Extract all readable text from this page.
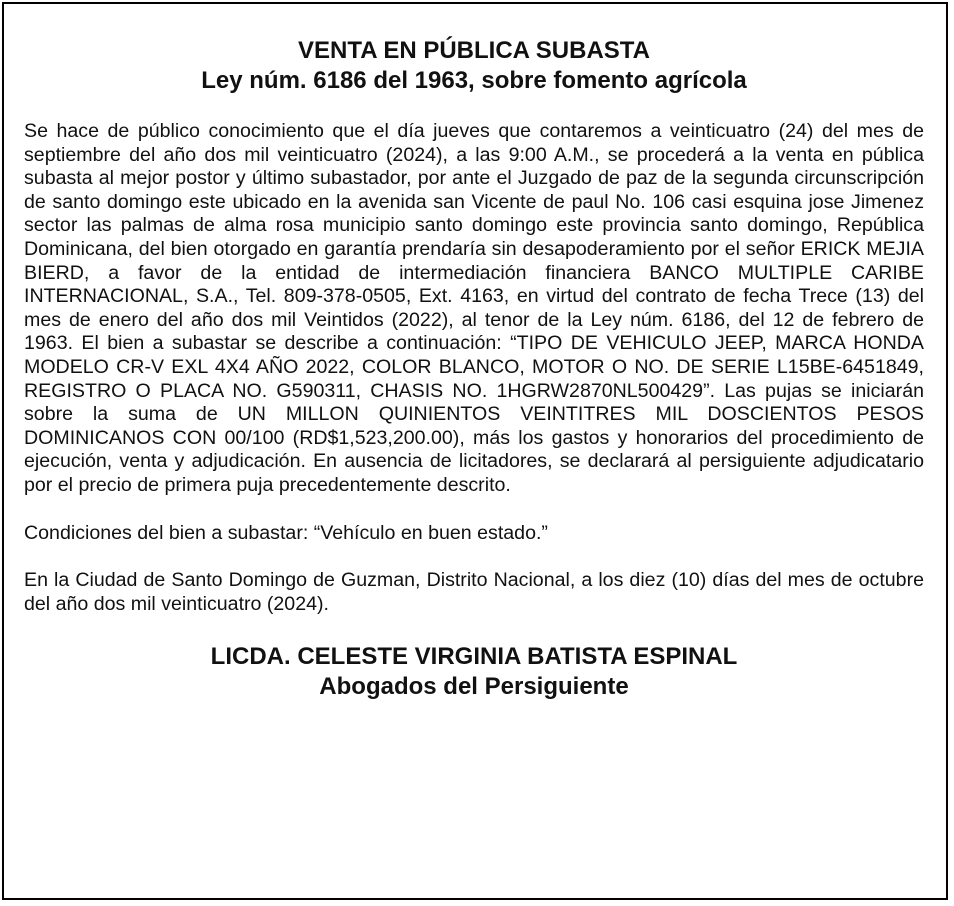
VENTA EN PÚBLICA SUBASTA
Ley núm. 6186 del 1963, sobre fomento agrícola

Se hace de público conocimiento que el día jueves que contaremos a veinticuatro (24) del mes de septiembre del año dos mil veinticuatro (2024), a las 9:00 A.M., se procederá a la venta en pública subasta al mejor postor y último subastador, por ante el Juzgado de paz de la segunda circunscripción de santo domingo este ubicado en la avenida san Vicente de paul No. 106 casi esquina jose Jimenez sector las palmas de alma rosa municipio santo domingo este provincia santo domingo, República Dominicana, del bien otorgado en garantía prendaría sin desapoderamiento por el señor ERICK MEJIA BIERD, a favor de la entidad de intermediación financiera BANCO MULTIPLE CARIBE INTERNACIONAL, S.A., Tel. 809-378-0505, Ext. 4163, en virtud del contrato de fecha Trece (13) del mes de enero del año dos mil Veintidos (2022), al tenor de la Ley núm. 6186, del 12 de febrero de 1963. El bien a subastar se describe a continuación: “TIPO DE VEHICULO JEEP, MARCA HONDA MODELO CR-V EXL 4X4 AÑO 2022, COLOR BLANCO, MOTOR O NO. DE SERIE L15BE-6451849, REGISTRO O PLACA NO. G590311, CHASIS NO. 1HGRW2870NL500429”. Las pujas se iniciarán sobre la suma de UN MILLON QUINIENTOS VEINTITRES MIL DOSCIENTOS PESOS DOMINICANOS CON 00/100 (RD$1,523,200.00), más los gastos y honorarios del procedimiento de ejecución, venta y adjudicación. En ausencia de licitadores, se declarará al persiguiente adjudicatario por el precio de primera puja precedentemente descrito.

Condiciones del bien a subastar: “Vehículo en buen estado.”

En la Ciudad de Santo Domingo de Guzman, Distrito Nacional, a los diez (10) días del mes de octubre del año dos mil veinticuatro (2024).

LICDA. CELESTE VIRGINIA BATISTA ESPINAL
Abogados del Persiguiente
